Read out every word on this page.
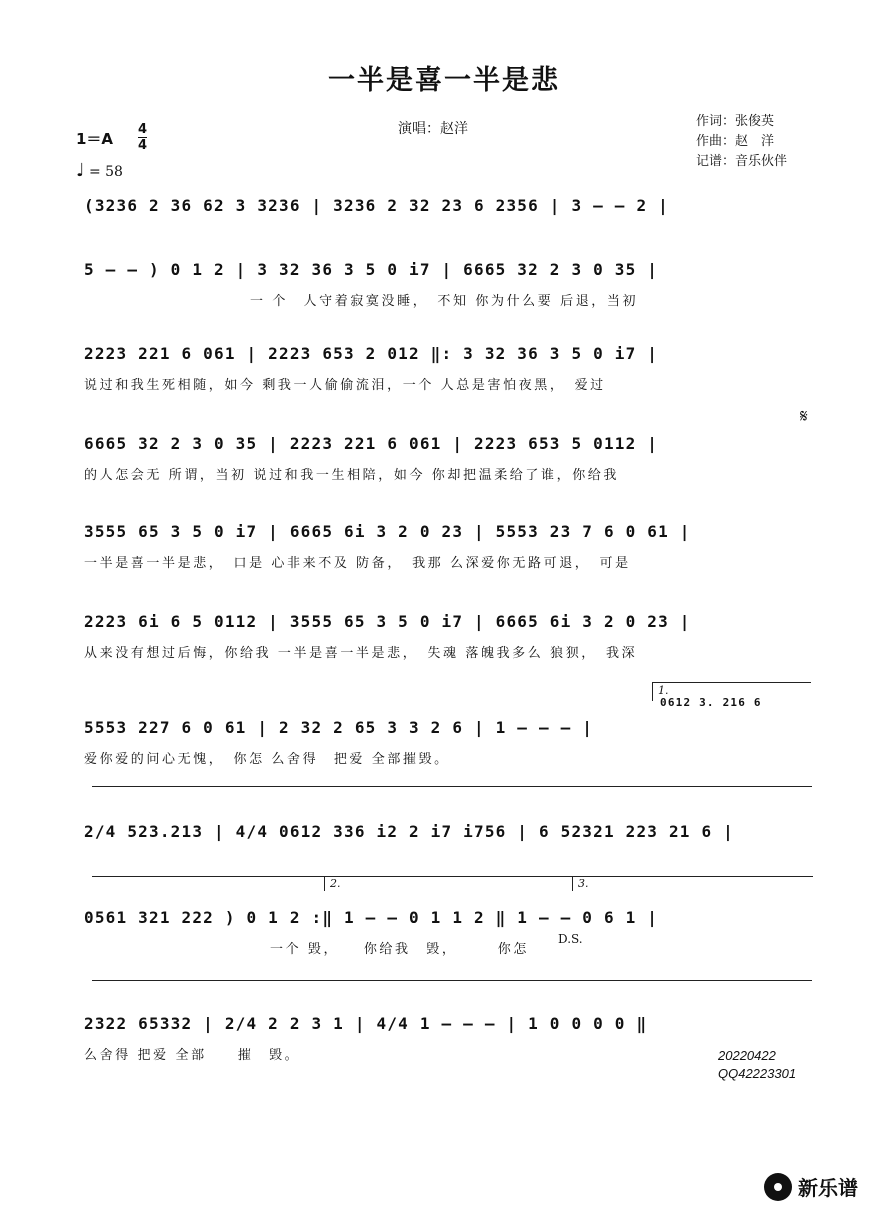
一半是喜一半是悲
演唱：赵洋	作词：张俊英
作曲：赵　洋
记谱：音乐伙伴
1＝A
4
4
♩ = 58
(3236 2 36 62 3 3236 | 3236 2 32 23 6 2356 | 3 – – 2 |
5 – – ) 0 1 2 | 3 32 36 3 5 0 i7 | 6665 32 2 3 0 35 |
一 个　人守着寂寞没睡，　不知 你为什么要 后退，当初
2223 221 6 061 | 2223 653 2 012 ‖: 3 32 36 3 5 0 i7 |
说过和我生死相随，如今 剩我一人偷偷流泪，一个 人总是害怕夜黑，　爱过
𝄋
6665 32 2 3 0 35 | 2223 221 6 061 | 2223 653 5 0112 |
的人怎会无 所谓，当初 说过和我一生相陪，如今 你却把温柔给了谁，你给我
3555 65 3 5 0 i7 | 6665 6i 3 2 0 23 | 5553 23 7 6 0 61 |
一半是喜一半是悲，　口是 心非来不及 防备，　我那 么深爱你无路可退，　可是
2223 6i 6 5 0112 | 3555 65 3 5 0 i7 | 6665 6i 3 2 0 23 |
从来没有想过后悔，你给我 一半是喜一半是悲，　失魂 落魄我多么 狼狈，　我深
1.
0612 3. 216 6
5553 227 6 0 61 | 2 32 2 65 3 3 2 6 | 1 – – – |
爱你爱的问心无愧，　你怎 么舍得　把爱 全部摧毁。
2/4 523.213 | 4/4 0612 336 i2 2 i7 i756 | 6 52321 223 21 6 |
2.	3.
0561 321 222 ) 0 1 2 :‖ 1 – – 0 1 1 2 ‖ 1 – – 0 6 1 |
一个 毁，　　你给我　毁，　　　你怎
D.S.
2322 65332 | 2/4 2 2 3 1 | 4/4 1 – – – | 1 0 0 0 0 ‖
么舍得 把爱 全部　　摧　毁。	20220422
QQ42223301
新乐谱
